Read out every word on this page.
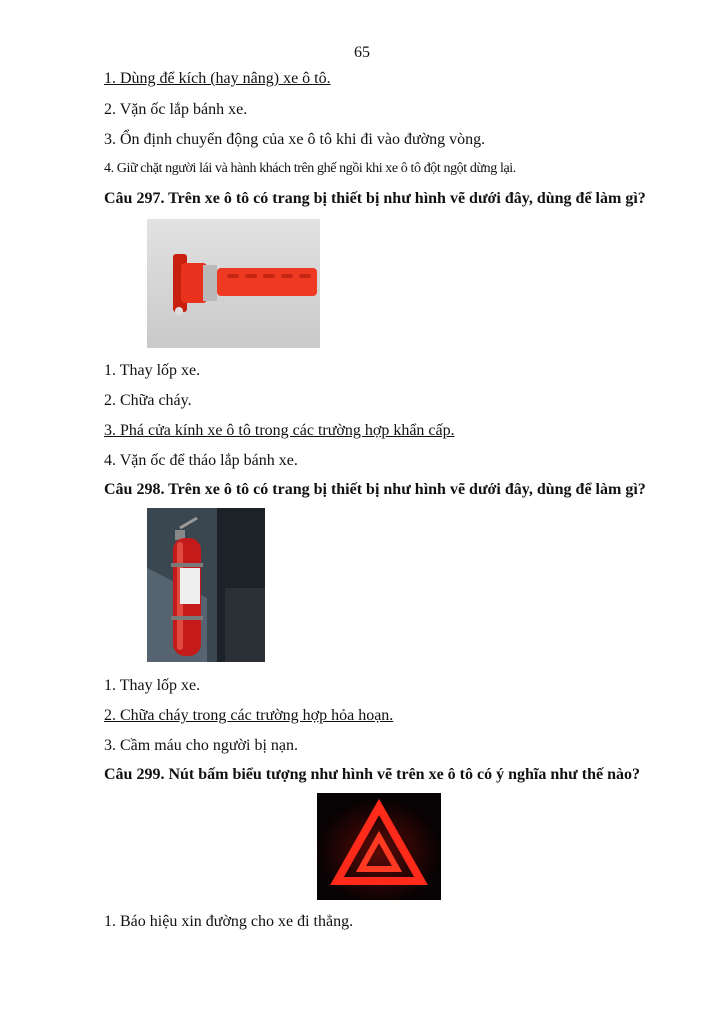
65
1. Dùng để kích (hay nâng) xe ô tô.
2. Vặn ốc lắp bánh xe.
3. Ổn định chuyển động của xe ô tô khi đi vào đường vòng.
4. Giữ chặt người lái và hành khách trên ghế ngồi khi xe ô tô đột ngột dừng lại.
Câu 297. Trên xe ô tô có trang bị thiết bị như hình vẽ dưới đây, dùng để làm gì?
1. Thay lốp xe.
2. Chữa cháy.
3. Phá cửa kính xe ô tô trong các trường hợp khẩn cấp.
4. Vặn ốc để tháo lắp bánh xe.
Câu 298. Trên xe ô tô có trang bị thiết bị như hình vẽ dưới đây, dùng để làm gì?
1. Thay lốp xe.
2. Chữa cháy trong các trường hợp hỏa hoạn.
3. Cầm máu cho người bị nạn.
Câu 299. Nút bấm biểu tượng như hình vẽ trên xe ô tô có ý nghĩa như thế nào?
1. Báo hiệu xin đường cho xe đi thẳng.
